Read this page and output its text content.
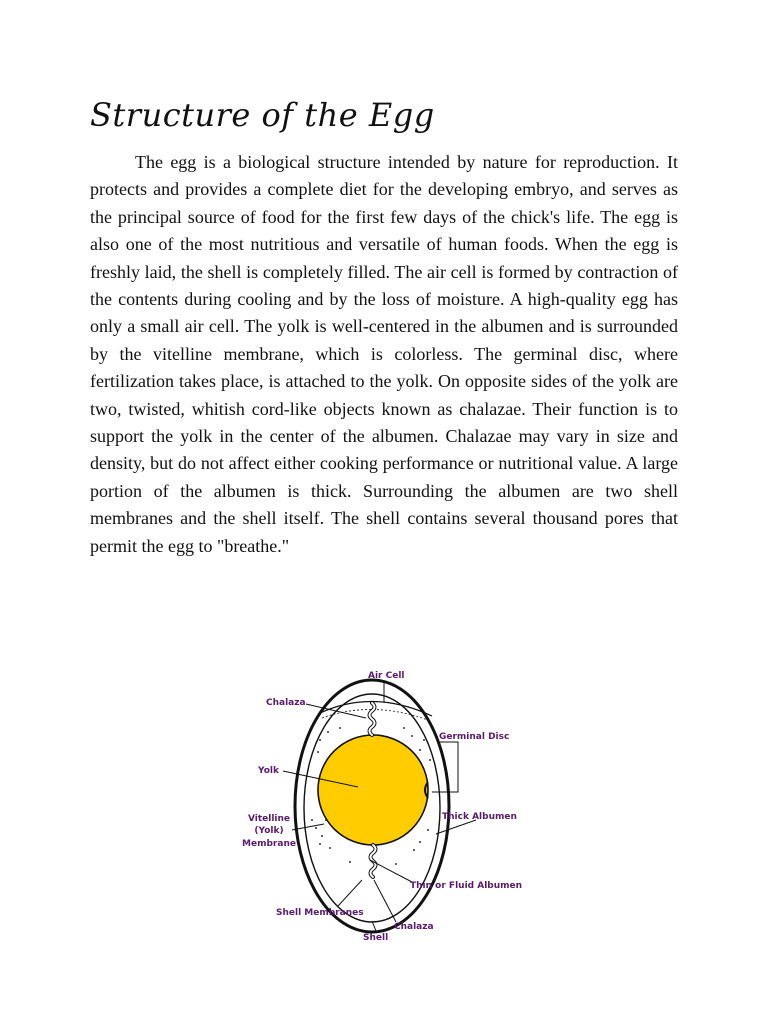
Structure of the Egg

The egg is a biological structure intended by nature for reproduction. It protects and provides a complete diet for the developing embryo, and serves as the principal source of food for the first few days of the chick's life. The egg is also one of the most nutritious and versatile of human foods. When the egg is freshly laid, the shell is completely filled. The air cell is formed by contraction of the contents during cooling and by the loss of moisture. A high-quality egg has only a small air cell. The yolk is well-centered in the albumen and is surrounded by the vitelline membrane, which is colorless. The germinal disc, where fertilization takes place, is attached to the yolk. On opposite sides of the yolk are two, twisted, whitish cord-like objects known as chalazae. Their function is to support the yolk in the center of the albumen. Chalazae may vary in size and density, but do not affect either cooking performance or nutritional value. A large portion of the albumen is thick. Surrounding the albumen are two shell membranes and the shell itself. The shell contains several thousand pores that permit the egg to "breathe."

Air Cell
Chalaza
Germinal Disc
Yolk
Vitelline
(Yolk)
Membrane
Thick Albumen
Thin or Fluid Albumen
Shell Membranes
Chalaza
Shell
